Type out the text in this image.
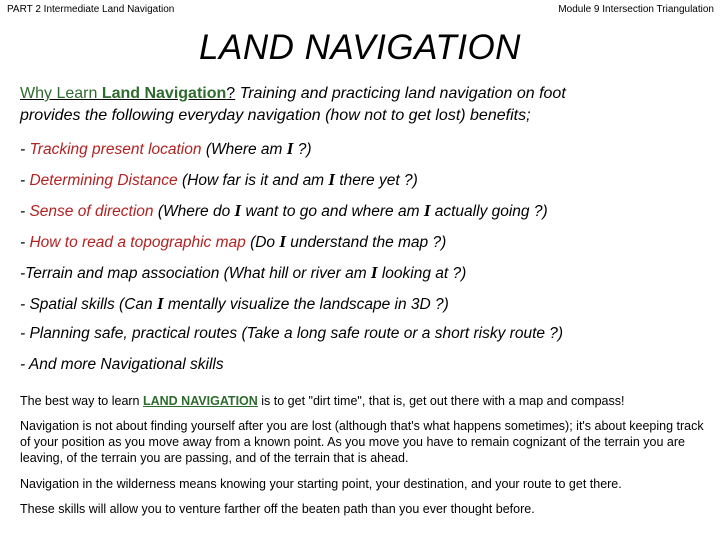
PART 2 Intermediate Land Navigation	Module 9 Intersection Triangulation
LAND NAVIGATION
Why Learn Land Navigation? Training and practicing land navigation on foot
provides the following everyday navigation (how not to get lost) benefits;
- Tracking present location (Where am I ?)
- Determining Distance (How far is it and am I there yet ?)
- Sense of direction (Where do I want to go and where am I actually going ?)
- How to read a topographic map (Do I understand the map ?)
-Terrain and map association (What hill or river am I looking at ?)
- Spatial skills (Can I mentally visualize the landscape in 3D ?)
- Planning safe, practical routes (Take a long safe route or a short risky route ?)
- And more Navigational skills
The best way to learn LAND NAVIGATION is to get "dirt time", that is, get out there with a map and compass!
Navigation is not about finding yourself after you are lost (although that's what happens sometimes); it's about keeping track of your position as you move away from a known point. As you move you have to remain cognizant of the terrain you are leaving, of the terrain you are passing, and of the terrain that is ahead.
Navigation in the wilderness means knowing your starting point, your destination, and your route to get there.
These skills will allow you to venture farther off the beaten path than you ever thought before.
